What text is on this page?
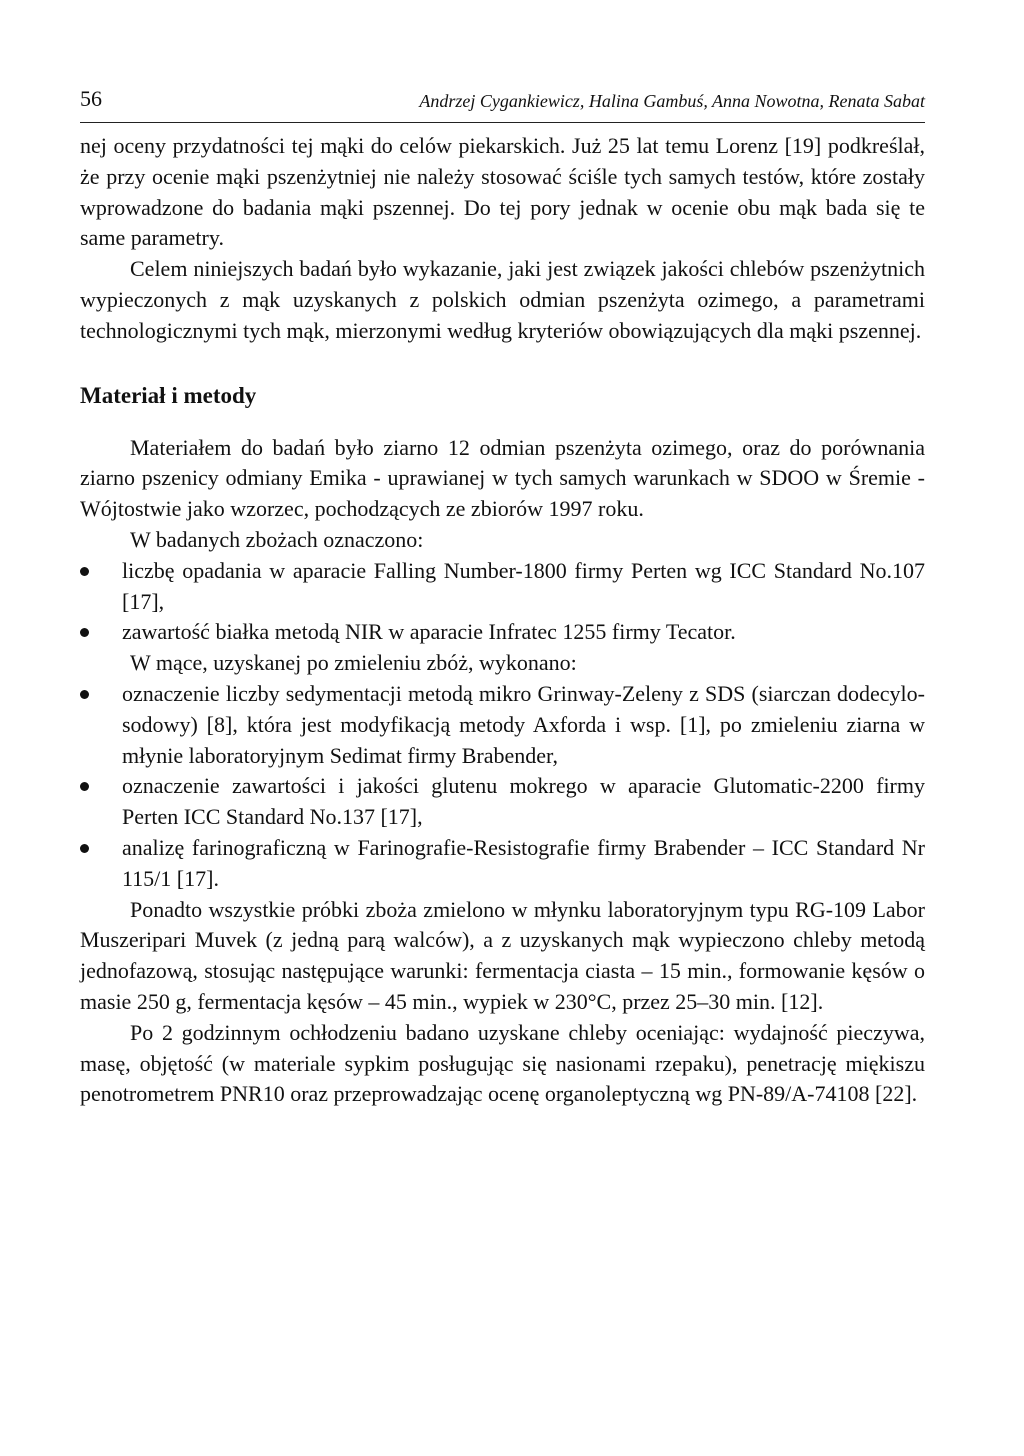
56	Andrzej Cygankiewicz, Halina Gambuś, Anna Nowotna, Renata Sabat

nej oceny przydatności tej mąki do celów piekarskich. Już 25 lat temu Lorenz [19] podkreślał, że przy ocenie mąki pszenżytniej nie należy stosować ściśle tych samych testów, które zostały wprowadzone do badania mąki pszennej. Do tej pory jednak w ocenie obu mąk bada się te same parametry.

Celem niniejszych badań było wykazanie, jaki jest związek jakości chlebów pszenżytnich wypieczonych z mąk uzyskanych z polskich odmian pszenżyta ozimego, a parametrami technologicznymi tych mąk, mierzonymi według kryteriów obowiązujących dla mąki pszennej.

Materiał i metody

Materiałem do badań było ziarno 12 odmian pszenżyta ozimego, oraz do porównania ziarno pszenicy odmiany Emika - uprawianej w tych samych warunkach w SDOO w Śremie - Wójtostwie jako wzorzec, pochodzących ze zbiorów 1997 roku.

W badanych zbożach oznaczono:

liczbę opadania w aparacie Falling Number-1800 firmy Perten wg ICC Standard No.107 [17],
zawartość białka metodą NIR w aparacie Infratec 1255 firmy Tecator.

W mące, uzyskanej po zmieleniu zbóż, wykonano:

oznaczenie liczby sedymentacji metodą mikro Grinway-Zeleny z SDS (siarczan dodecylo-sodowy) [8], która jest modyfikacją metody Axforda i wsp. [1], po zmieleniu ziarna w młynie laboratoryjnym Sedimat firmy Brabender,
oznaczenie zawartości i jakości glutenu mokrego w aparacie Glutomatic-2200 firmy Perten ICC Standard No.137 [17],
analizę farinograficzną w Farinografie-Resistografie firmy Brabender – ICC Standard Nr 115/1 [17].

Ponadto wszystkie próbki zboża zmielono w młynku laboratoryjnym typu RG-109 Labor Muszeripari Muvek (z jedną parą walców), a z uzyskanych mąk wypieczono chleby metodą jednofazową, stosując następujące warunki: fermentacja ciasta – 15 min., formowanie kęsów o masie 250 g, fermentacja kęsów – 45 min., wypiek w 230°C, przez 25–30 min. [12].

Po 2 godzinnym ochłodzeniu badano uzyskane chleby oceniając: wydajność pieczywa, masę, objętość (w materiale sypkim posługując się nasionami rzepaku), penetrację miękiszu penotrometrem PNR10 oraz przeprowadzając ocenę organoleptyczną wg PN-89/A-74108 [22].
